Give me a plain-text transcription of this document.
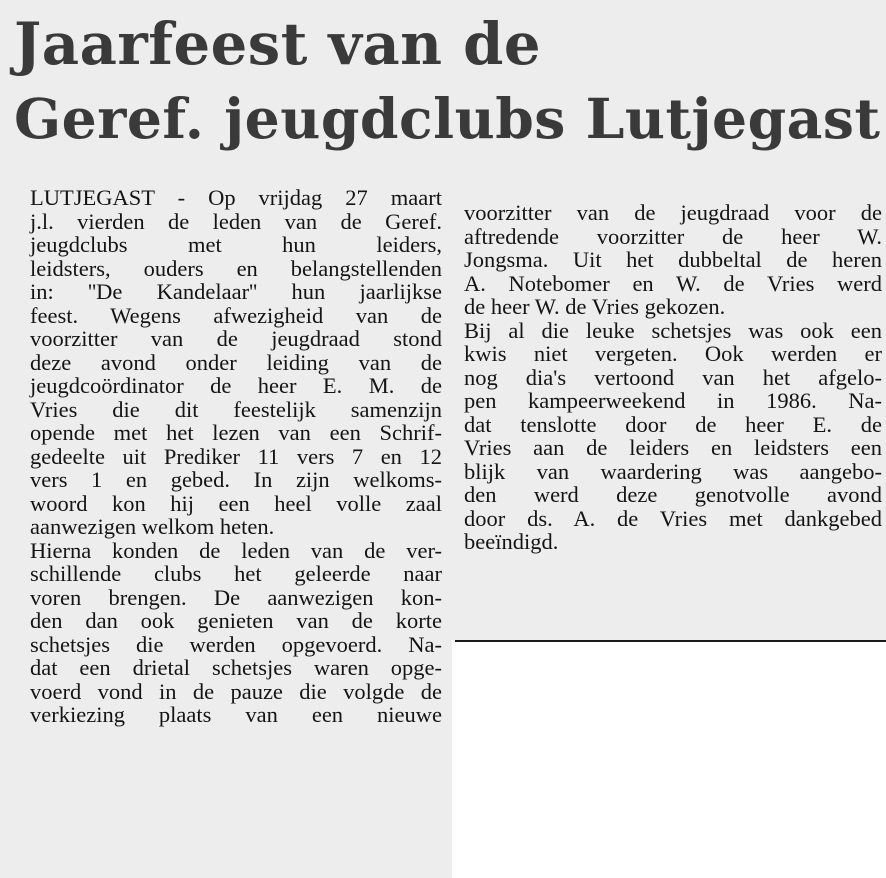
Jaarfeest van de
Geref. jeugdclubs Lutjegast
LUTJEGAST - Op vrijdag 27 maart
j.l. vierden de leden van de Geref.
jeugdclubs met hun leiders,
leidsters, ouders en belangstellenden
in: ''De Kandelaar'' hun jaarlijkse
feest. Wegens afwezigheid van de
voorzitter van de jeugdraad stond
deze avond onder leiding van de
jeugdcoördinator de heer E. M. de
Vries die dit feestelijk samenzijn
opende met het lezen van een Schrif-
gedeelte uit Prediker 11 vers 7 en 12
vers 1 en gebed. In zijn welkoms-
woord kon hij een heel volle zaal
aanwezigen welkom heten.
Hierna konden de leden van de ver-
schillende clubs het geleerde naar
voren brengen. De aanwezigen kon-
den dan ook genieten van de korte
schetsjes die werden opgevoerd. Na-
dat een drietal schetsjes waren opge-
voerd vond in de pauze die volgde de
verkiezing plaats van een nieuwe
voorzitter van de jeugdraad voor de
aftredende voorzitter de heer W.
Jongsma. Uit het dubbeltal de heren
A. Notebomer en W. de Vries werd
de heer W. de Vries gekozen.
Bij al die leuke schetsjes was ook een
kwis niet vergeten. Ook werden er
nog dia's vertoond van het afgelo-
pen kampeerweekend in 1986. Na-
dat tenslotte door de heer E. de
Vries aan de leiders en leidsters een
blijk van waardering was aangebo-
den werd deze genotvolle avond
door ds. A. de Vries met dankgebed
beeïndigd.
